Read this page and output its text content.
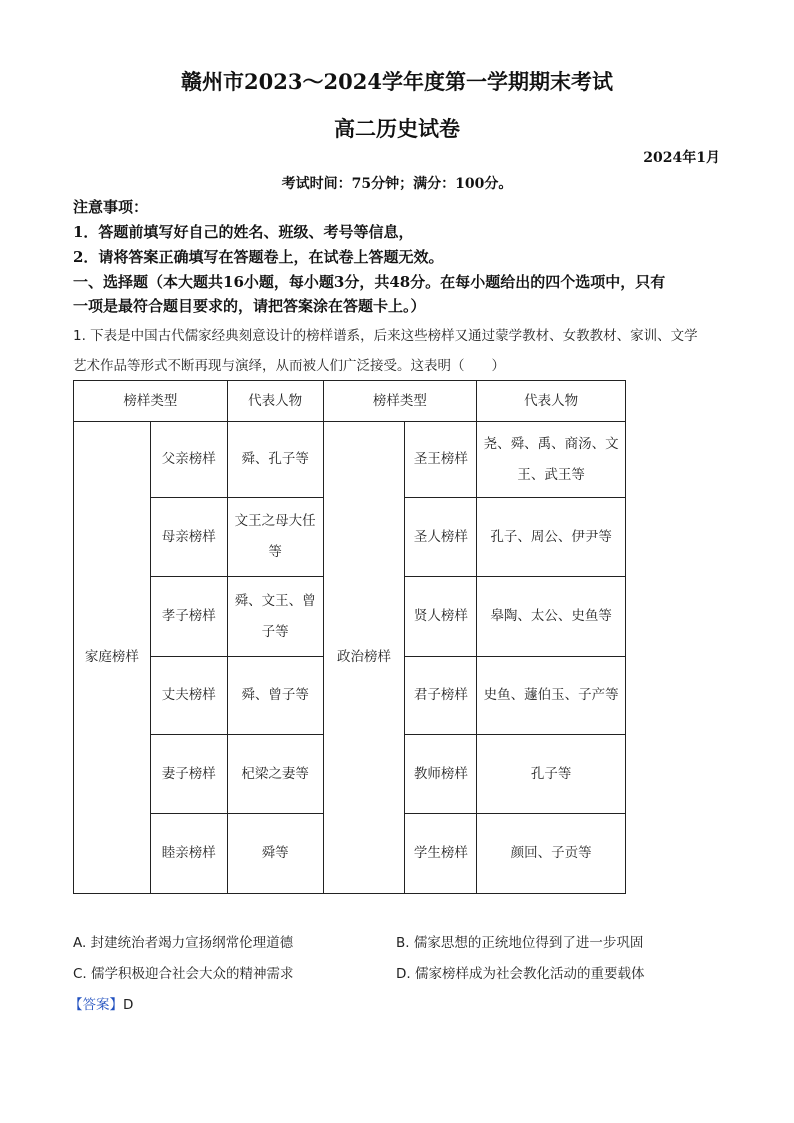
赣州市2023～2024学年度第一学期期末考试
高二历史试卷
2024年1月
考试时间：75分钟；满分：100分。
注意事项：
1．答题前填写好自己的姓名、班级、考号等信息，
2．请将答案正确填写在答题卷上，在试卷上答题无效。
一、选择题（本大题共16小题，每小题3分，共48分。在每小题给出的四个选项中，只有
一项是最符合题目要求的，请把答案涂在答题卡上。）
1. 下表是中国古代儒家经典刻意设计的榜样谱系，后来这些榜样又通过蒙学教材、女教教材、家训、文学
艺术作品等形式不断再现与演绎，从而被人们广泛接受。这表明（　　）
榜样类型		代表人物	榜样类型		代表人物
家庭榜样	父亲榜样	舜、孔子等	政治榜样	圣王榜样	尧、舜、禹、商汤、文王、武王等
	母亲榜样	文王之母大任等		圣人榜样	孔子、周公、伊尹等
	孝子榜样	舜、文王、曾子等		贤人榜样	皋陶、太公、史鱼等
	丈夫榜样	舜、曾子等		君子榜样	史鱼、蘧伯玉、子产等
	妻子榜样	杞梁之妻等		教师榜样	孔子等
	睦亲榜样	舜等		学生榜样	颜回、子贡等
A. 封建统治者竭力宣扬纲常伦理道德	B. 儒家思想的正统地位得到了进一步巩固
C. 儒学积极迎合社会大众的精神需求	D. 儒家榜样成为社会教化活动的重要载体
【答案】D
